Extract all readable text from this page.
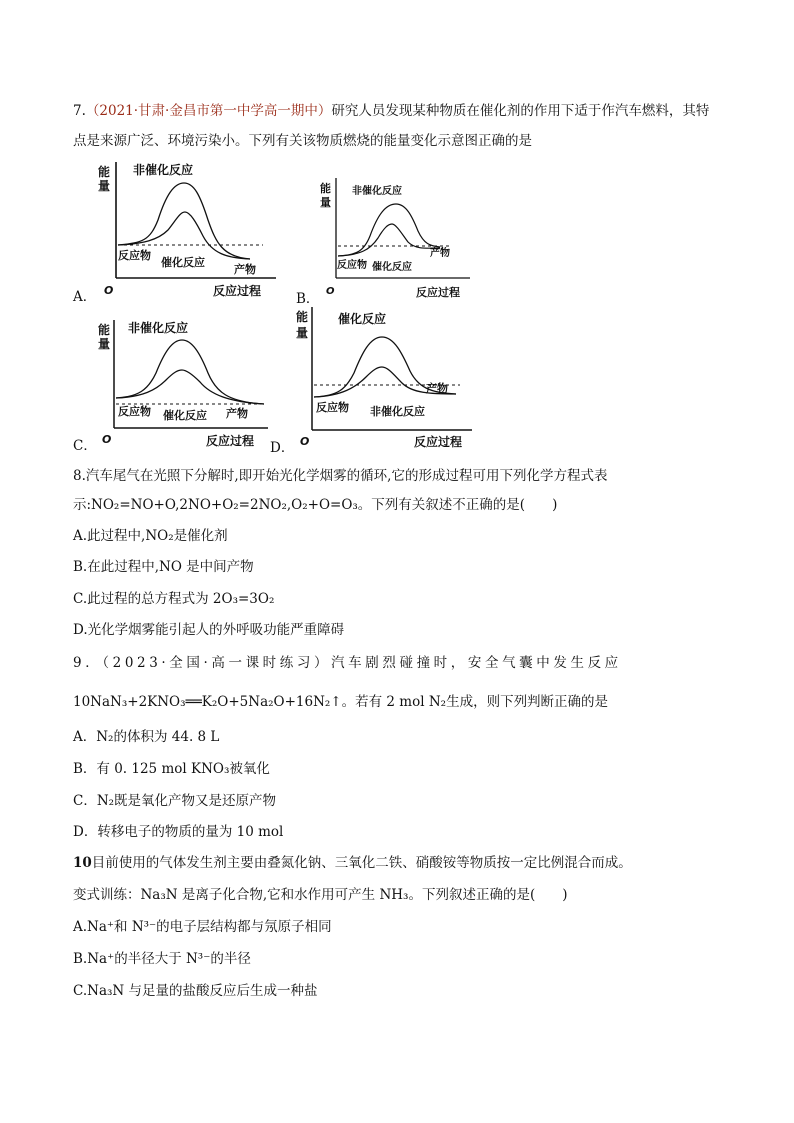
7.（2021·甘肃·金昌市第一中学高一期中）研究人员发现某种物质在催化剂的作用下适于作汽车燃料，其特
点是来源广泛、环境污染小。下列有关该物质燃烧的能量变化示意图正确的是
A．
能
量
O
非催化反应
催化反应
反应物
产物
反应过程	B．
能
量
O
非催化反应
催化反应
反应物
产物
反应过程
C．
能
量
O
非催化反应
催化反应
反应物	产物
反应过程 D．
能
量
O
催化反应
非催化反应
反应物
产物
反应过程
8.汽车尾气在光照下分解时,即开始光化学烟雾的循环,它的形成过程可用下列化学方程式表
示:NO₂=NO+O,2NO+O₂=2NO₂,O₂+O=O₃。下列有关叙述不正确的是(　　)
A.此过程中,NO₂是催化剂
B.在此过程中,NO 是中间产物
C.此过程的总方程式为 2O₃=3O₂
D.光化学烟雾能引起人的外呼吸功能严重障碍
9．（2023·全国·高一课时练习）汽车剧烈碰撞时，安全气囊中发生反应
10NaN₃+2KNO₃══K₂O+5Na₂O+16N₂↑。若有 2 mol N₂生成，则下列判断正确的是
A．N₂的体积为 44. 8 L
B．有 0. 125 mol KNO₃被氧化
C．N₂既是氧化产物又是还原产物
D．转移电子的物质的量为 10 mol
10目前使用的气体发生剂主要由叠氮化钠、三氧化二铁、硝酸铵等物质按一定比例混合而成。
变式训练：Na₃N 是离子化合物,它和水作用可产生 NH₃。下列叙述正确的是(　　)
A.Na⁺和 N³⁻的电子层结构都与氖原子相同
B.Na⁺的半径大于 N³⁻的半径
C.Na₃N 与足量的盐酸反应后生成一种盐
